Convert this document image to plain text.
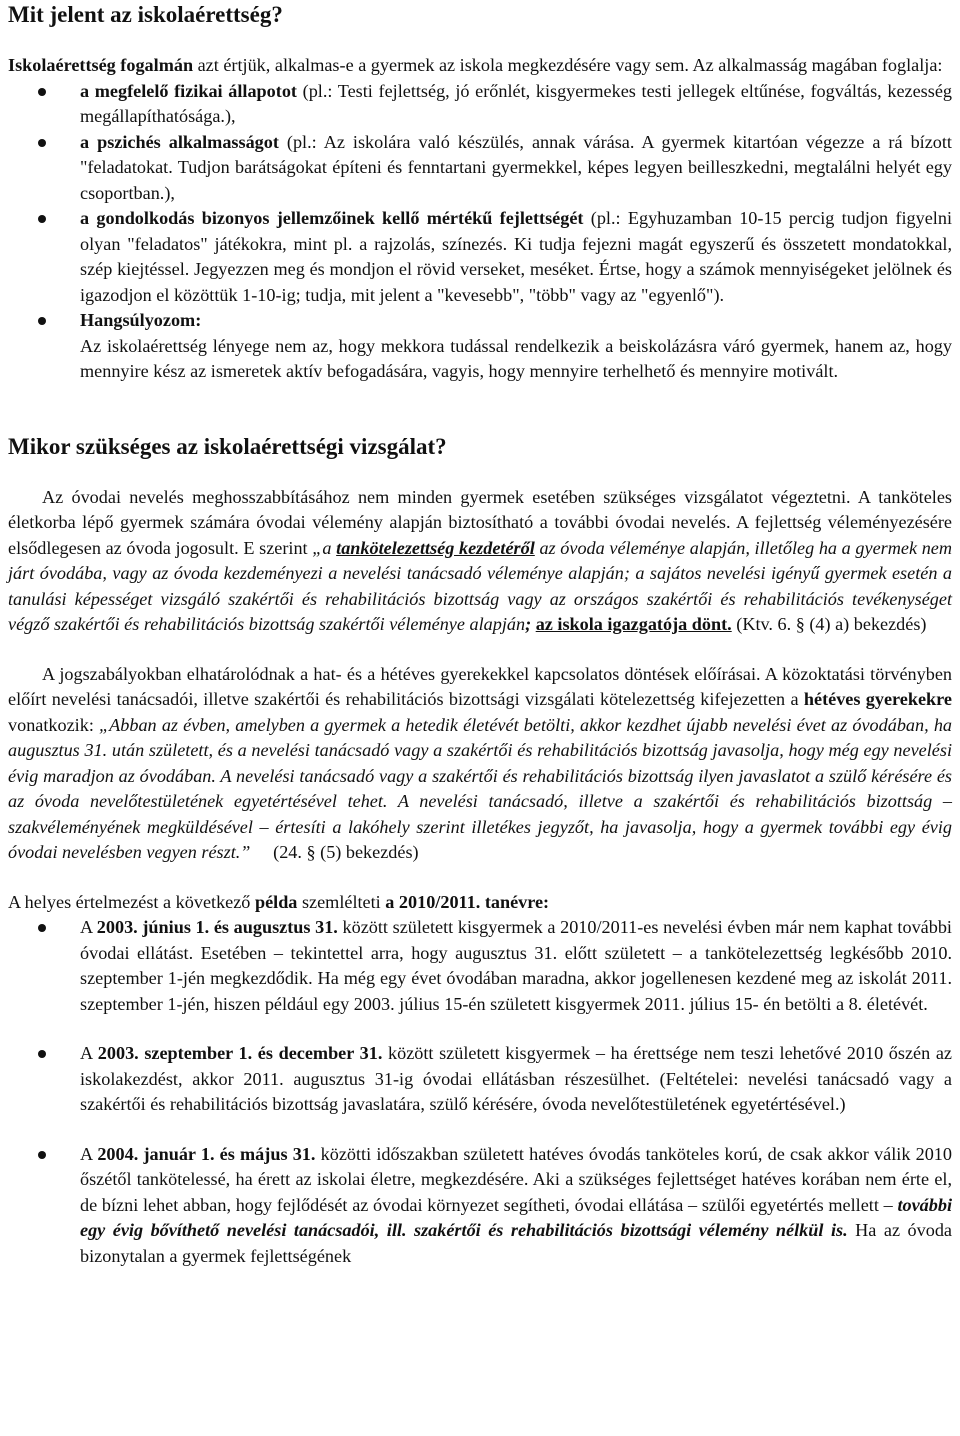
Mit jelent az iskolaérettség?

Iskolaérettség fogalmán azt értjük, alkalmas-e a gyermek az iskola megkezdésére vagy sem. Az alkalmasság magában foglalja:

a megfelelő fizikai állapotot (pl.: Testi fejlettség, jó erőnlét, kisgyermekes testi jellegek eltűnése, fogváltás, kezesség megállapíthatósága.),
a pszichés alkalmasságot (pl.: Az iskolára való készülés, annak várása. A gyermek kitartóan végezze a rá bízott "feladatokat. Tudjon barátságokat építeni és fenntartani gyermekkel, képes legyen beilleszkedni, megtalálni helyét egy csoportban.),
a gondolkodás bizonyos jellemzőinek kellő mértékű fejlettségét (pl.: Egyhuzamban 10-15 percig tudjon figyelni olyan "feladatos" játékokra, mint pl. a rajzolás, színezés. Ki tudja fejezni magát egyszerű és összetett mondatokkal, szép kiejtéssel. Jegyezzen meg és mondjon el rövid verseket, meséket. Értse, hogy a számok mennyiségeket jelölnek és igazodjon el közöttük 1-10-ig; tudja, mit jelent a "kevesebb", "több" vagy az "egyenlő").
Hangsúlyozom:
Az iskolaérettség lényege nem az, hogy mekkora tudással rendelkezik a beiskolázásra váró gyermek, hanem az, hogy mennyire kész az ismeretek aktív befogadására, vagyis, hogy mennyire terhelhető és mennyire motivált.
Mikor szükséges az iskolaérettségi vizsgálat?

Az óvodai nevelés meghosszabbításához nem minden gyermek esetében szükséges vizsgálatot végeztetni. A tanköteles életkorba lépő gyermek számára óvodai vélemény alapján biztosítható a további óvodai nevelés. A fejlettség véleményezésére elsődlegesen az óvoda jogosult. E szerint „a tankötelezettség kezdetéről az óvoda véleménye alapján, illetőleg ha a gyermek nem járt óvodába, vagy az óvoda kezdeményezi a nevelési tanácsadó véleménye alapján; a sajátos nevelési igényű gyermek esetén a tanulási képességet vizsgáló szakértői és rehabilitációs bizottság vagy az országos szakértői és rehabilitációs tevékenységet végző szakértői és rehabilitációs bizottság szakértői véleménye alapján; az iskola igazgatója dönt. (Ktv. 6. § (4) a) bekezdés)

A jogszabályokban elhatárolódnak a hat- és a hétéves gyerekekkel kapcsolatos döntések előírásai. A közoktatási törvényben előírt nevelési tanácsadói, illetve szakértői és rehabilitációs bizottsági vizsgálati kötelezettség kifejezetten a hétéves gyerekekre vonatkozik: „Abban az évben, amelyben a gyermek a hetedik életévét betölti, akkor kezdhet újabb nevelési évet az óvodában, ha augusztus 31. után született, és a nevelési tanácsadó vagy a szakértői és rehabilitációs bizottság javasolja, hogy még egy nevelési évig maradjon az óvodában. A nevelési tanácsadó vagy a szakértői és rehabilitációs bizottság ilyen javaslatot a szülő kérésére és az óvoda nevelőtestületének egyetértésével tehet. A nevelési tanácsadó, illetve a szakértői és rehabilitációs bizottság – szakvéleményének megküldésével – értesíti a lakóhely szerint illetékes jegyzőt, ha javasolja, hogy a gyermek további egy évig óvodai nevelésben vegyen részt.”     (24. § (5) bekezdés)

A helyes értelmezést a következő példa szemlélteti a 2010/2011. tanévre:

A 2003. június 1. és augusztus 31. között született kisgyermek a 2010/2011-es nevelési évben már nem kaphat további óvodai ellátást. Esetében – tekintettel arra, hogy augusztus 31. előtt született – a tankötelezettség legkésőbb 2010. szeptember 1-jén megkezdődik. Ha még egy évet óvodában maradna, akkor jogellenesen kezdené meg az iskolát 2011. szeptember 1-jén, hiszen például egy 2003. július 15-én született kisgyermek 2011. július 15- én betölti a 8. életévét.
A 2003. szeptember 1. és december 31. között született kisgyermek – ha érettsége nem teszi lehetővé 2010 őszén az iskolakezdést, akkor 2011. augusztus 31-ig óvodai ellátásban részesülhet. (Feltételei: nevelési tanácsadó vagy a szakértői és rehabilitációs bizottság javaslatára, szülő kérésére, óvoda nevelőtestületének egyetértésével.)
A 2004. január 1. és május 31. közötti időszakban született hatéves óvodás tanköteles korú, de csak akkor válik 2010 őszétől tankötelessé, ha érett az iskolai életre, megkezdésére. Aki a szükséges fejlettséget hatéves korában nem érte el, de bízni lehet abban, hogy fejlődését az óvodai környezet segítheti, óvodai ellátása – szülői egyetértés mellett – további egy évig bővíthető nevelési tanácsadói, ill. szakértői és rehabilitációs bizottsági vélemény nélkül is. Ha az óvoda bizonytalan a gyermek fejlettségének
